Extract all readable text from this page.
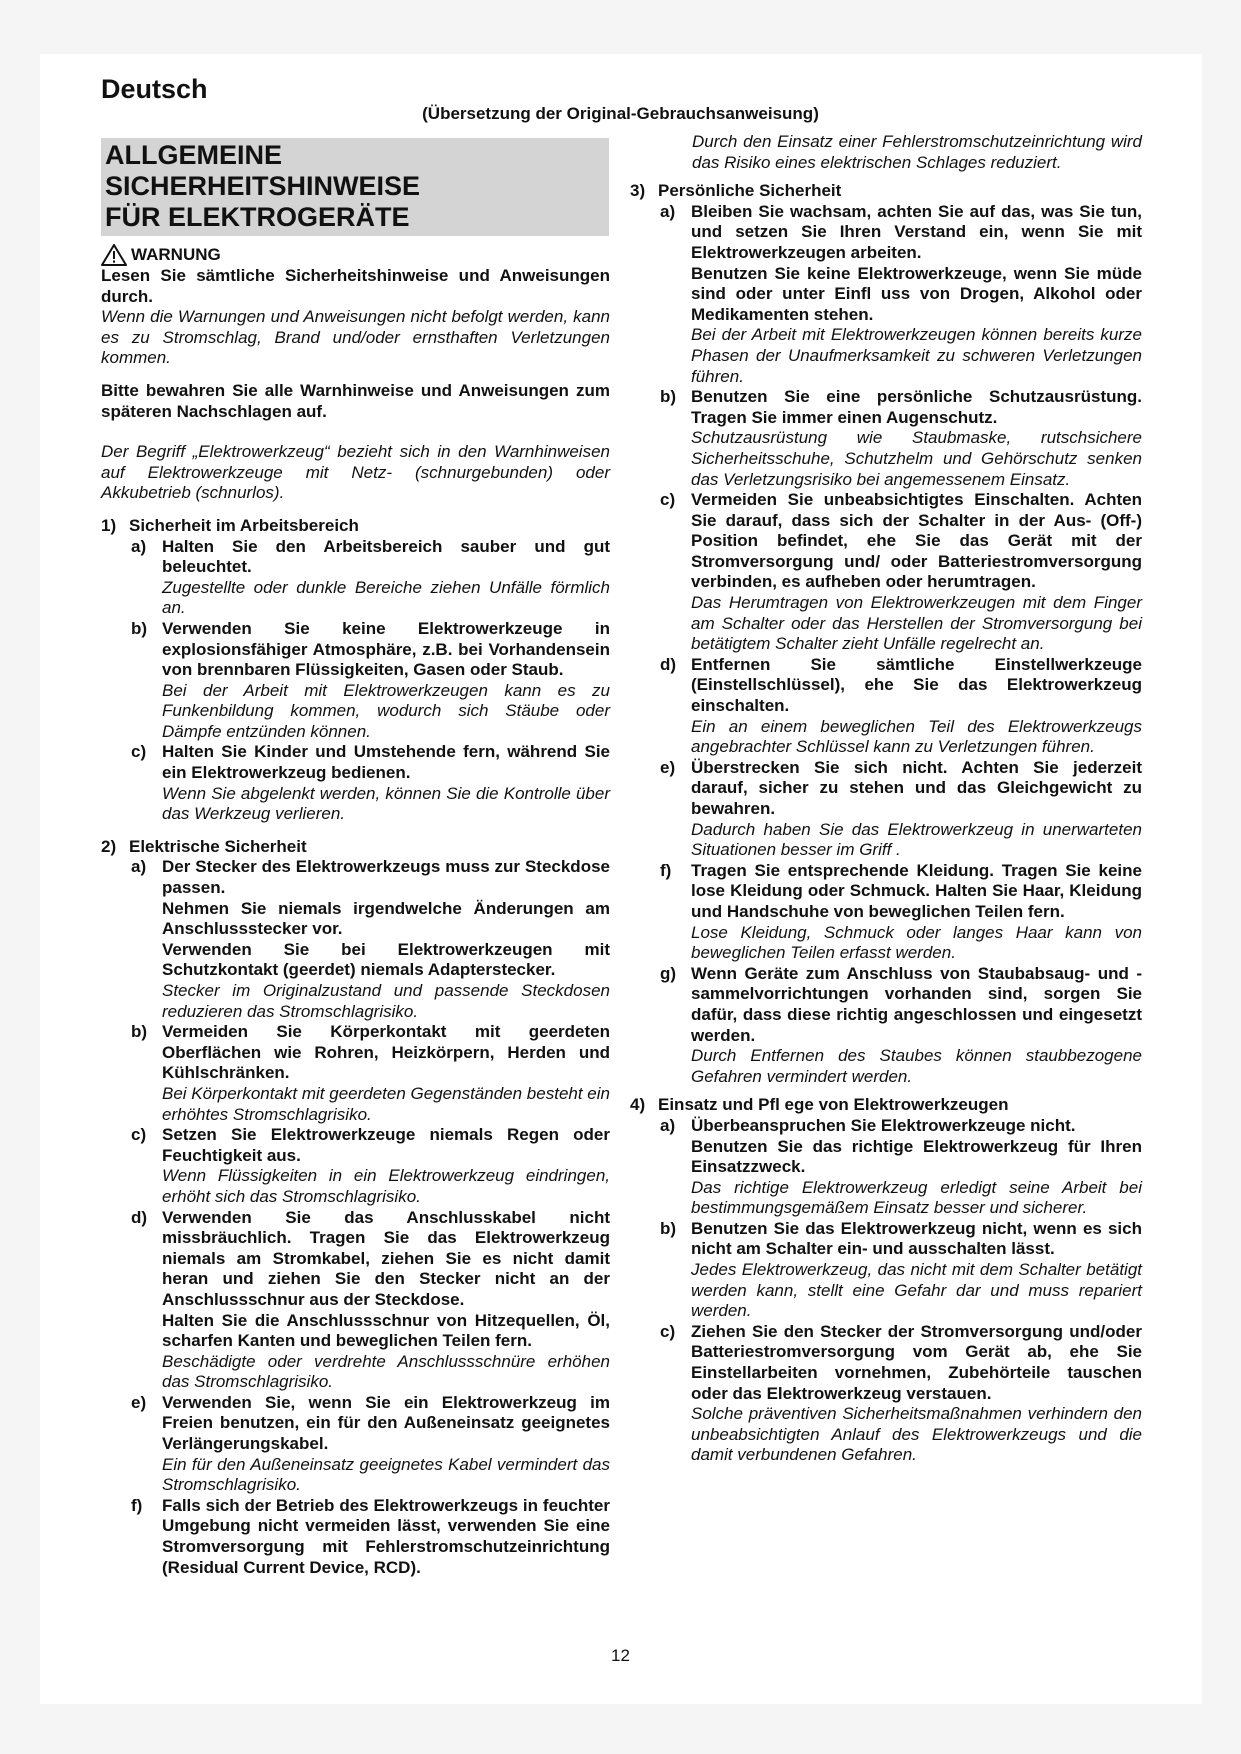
Deutsch
(Übersetzung der Original-Gebrauchsanweisung)
ALLGEMEINE SICHERHEITSHINWEISE
FÜR ELEKTROGERÄTE
WARNUNG

Lesen Sie sämtliche Sicherheitshinweise und Anweisungen durch.

Wenn die Warnungen und Anweisungen nicht befolgt werden, kann es zu Stromschlag, Brand und/oder ernsthaften Verletzungen kommen.

Bitte bewahren Sie alle Warnhinweise und Anweisungen zum späteren Nachschlagen auf.

Der Begriff „Elektrowerkzeug“ bezieht sich in den Warnhinweisen auf Elektrowerkzeuge mit Netz- (schnurgebunden) oder Akkubetrieb (schnurlos).

1) Sicherheit im Arbeitsbereich
a) Halten Sie den Arbeitsbereich sauber und gut beleuchtet.

Zugestellte oder dunkle Bereiche ziehen Unfälle förmlich an.

b) Verwenden Sie keine Elektrowerkzeuge in explosionsfähiger Atmosphäre, z.B. bei Vorhandensein von brennbaren Flüssigkeiten, Gasen oder Staub.

Bei der Arbeit mit Elektrowerkzeugen kann es zu Funkenbildung kommen, wodurch sich Stäube oder Dämpfe entzünden können.

c) Halten Sie Kinder und Umstehende fern, während Sie ein Elektrowerkzeug bedienen.

Wenn Sie abgelenkt werden, können Sie die Kontrolle über das Werkzeug verlieren.

2) Elektrische Sicherheit
a) Der Stecker des Elektrowerkzeugs muss zur Steckdose passen.

Nehmen Sie niemals irgendwelche Änderungen am Anschlussstecker vor.

Verwenden Sie bei Elektrowerkzeugen mit Schutzkontakt (geerdet) niemals Adapterstecker.

Stecker im Originalzustand und passende Steckdosen reduzieren das Stromschlagrisiko.

b) Vermeiden Sie Körperkontakt mit geerdeten Oberflächen wie Rohren, Heizkörpern, Herden und Kühlschränken.

Bei Körperkontakt mit geerdeten Gegenständen besteht ein erhöhtes Stromschlagrisiko.

c) Setzen Sie Elektrowerkzeuge niemals Regen oder Feuchtigkeit aus.

Wenn Flüssigkeiten in ein Elektrowerkzeug eindringen, erhöht sich das Stromschlagrisiko.

d) Verwenden Sie das Anschlusskabel nicht missbräuchlich. Tragen Sie das Elektrowerkzeug niemals am Stromkabel, ziehen Sie es nicht damit heran und ziehen Sie den Stecker nicht an der Anschlussschnur aus der Steckdose.

Halten Sie die Anschlussschnur von Hitzequellen, Öl, scharfen Kanten und beweglichen Teilen fern.

Beschädigte oder verdrehte Anschlussschnüre erhöhen das Stromschlagrisiko.

e) Verwenden Sie, wenn Sie ein Elektrowerkzeug im Freien benutzen, ein für den Außeneinsatz geeignetes Verlängerungskabel.

Ein für den Außeneinsatz geeignetes Kabel vermindert das Stromschlagrisiko.

f)	Falls sich der Betrieb des Elektrowerkzeugs in feuchter Umgebung nicht vermeiden lässt, verwenden Sie eine Stromversorgung mit Fehlerstromschutzeinrichtung (Residual Current Device, RCD).

Durch den Einsatz einer Fehlerstromschutzeinrichtung wird das Risiko eines elektrischen Schlages reduziert.

3) Persönliche Sicherheit
a) Bleiben Sie wachsam, achten Sie auf das, was Sie tun, und setzen Sie Ihren Verstand ein, wenn Sie mit Elektrowerkzeugen arbeiten.

Benutzen Sie keine Elektrowerkzeuge, wenn Sie müde sind oder unter Einfl uss von Drogen, Alkohol oder Medikamenten stehen.

Bei der Arbeit mit Elektrowerkzeugen können bereits kurze Phasen der Unaufmerksamkeit zu schweren Verletzungen führen.

b) Benutzen Sie eine persönliche Schutzausrüstung. Tragen Sie immer einen Augenschutz.

Schutzausrüstung wie Staubmaske, rutschsichere Sicherheitsschuhe, Schutzhelm und Gehörschutz senken das Verletzungsrisiko bei angemessenem Einsatz.

c) Vermeiden Sie unbeabsichtigtes Einschalten. Achten Sie darauf, dass sich der Schalter in der Aus- (Off-) Position befindet, ehe Sie das Gerät mit der Stromversorgung und/ oder Batteriestromversorgung verbinden, es aufheben oder herumtragen.

Das Herumtragen von Elektrowerkzeugen mit dem Finger am Schalter oder das Herstellen der Stromversorgung bei betätigtem Schalter zieht Unfälle regelrecht an.

d) Entfernen Sie sämtliche Einstellwerkzeuge (Einstellschlüssel), ehe Sie das Elektrowerkzeug einschalten.

Ein an einem beweglichen Teil des Elektrowerkzeugs angebrachter Schlüssel kann zu Verletzungen führen.

e) Überstrecken Sie sich nicht. Achten Sie jederzeit darauf, sicher zu stehen und das Gleichgewicht zu bewahren.

Dadurch haben Sie das Elektrowerkzeug in unerwarteten Situationen besser im Griff .

f)	Tragen Sie entsprechende Kleidung. Tragen Sie keine lose Kleidung oder Schmuck. Halten Sie Haar, Kleidung und Handschuhe von beweglichen Teilen fern.

Lose Kleidung, Schmuck oder langes Haar kann von beweglichen Teilen erfasst werden.

g) Wenn Geräte zum Anschluss von Staubabsaug- und -sammelvorrichtungen vorhanden sind, sorgen Sie dafür, dass diese richtig angeschlossen und eingesetzt werden.

Durch Entfernen des Staubes können staubbezogene Gefahren vermindert werden.

4) Einsatz und Pfl ege von Elektrowerkzeugen
a) Überbeanspruchen Sie Elektrowerkzeuge nicht.

Benutzen Sie das richtige Elektrowerkzeug für Ihren Einsatzzweck.

Das richtige Elektrowerkzeug erledigt seine Arbeit bei bestimmungsgemäßem Einsatz besser und sicherer.

b) Benutzen Sie das Elektrowerkzeug nicht, wenn es sich nicht am Schalter ein- und ausschalten lässt.

Jedes Elektrowerkzeug, das nicht mit dem Schalter betätigt werden kann, stellt eine Gefahr dar und muss repariert werden.

c) Ziehen Sie den Stecker der Stromversorgung und/oder Batteriestromversorgung vom Gerät ab, ehe Sie Einstellarbeiten vornehmen, Zubehörteile tauschen oder das Elektrowerkzeug verstauen.

Solche präventiven Sicherheitsmaßnahmen verhindern den unbeabsichtigten Anlauf des Elektrowerkzeugs und die damit verbundenen Gefahren.

12
